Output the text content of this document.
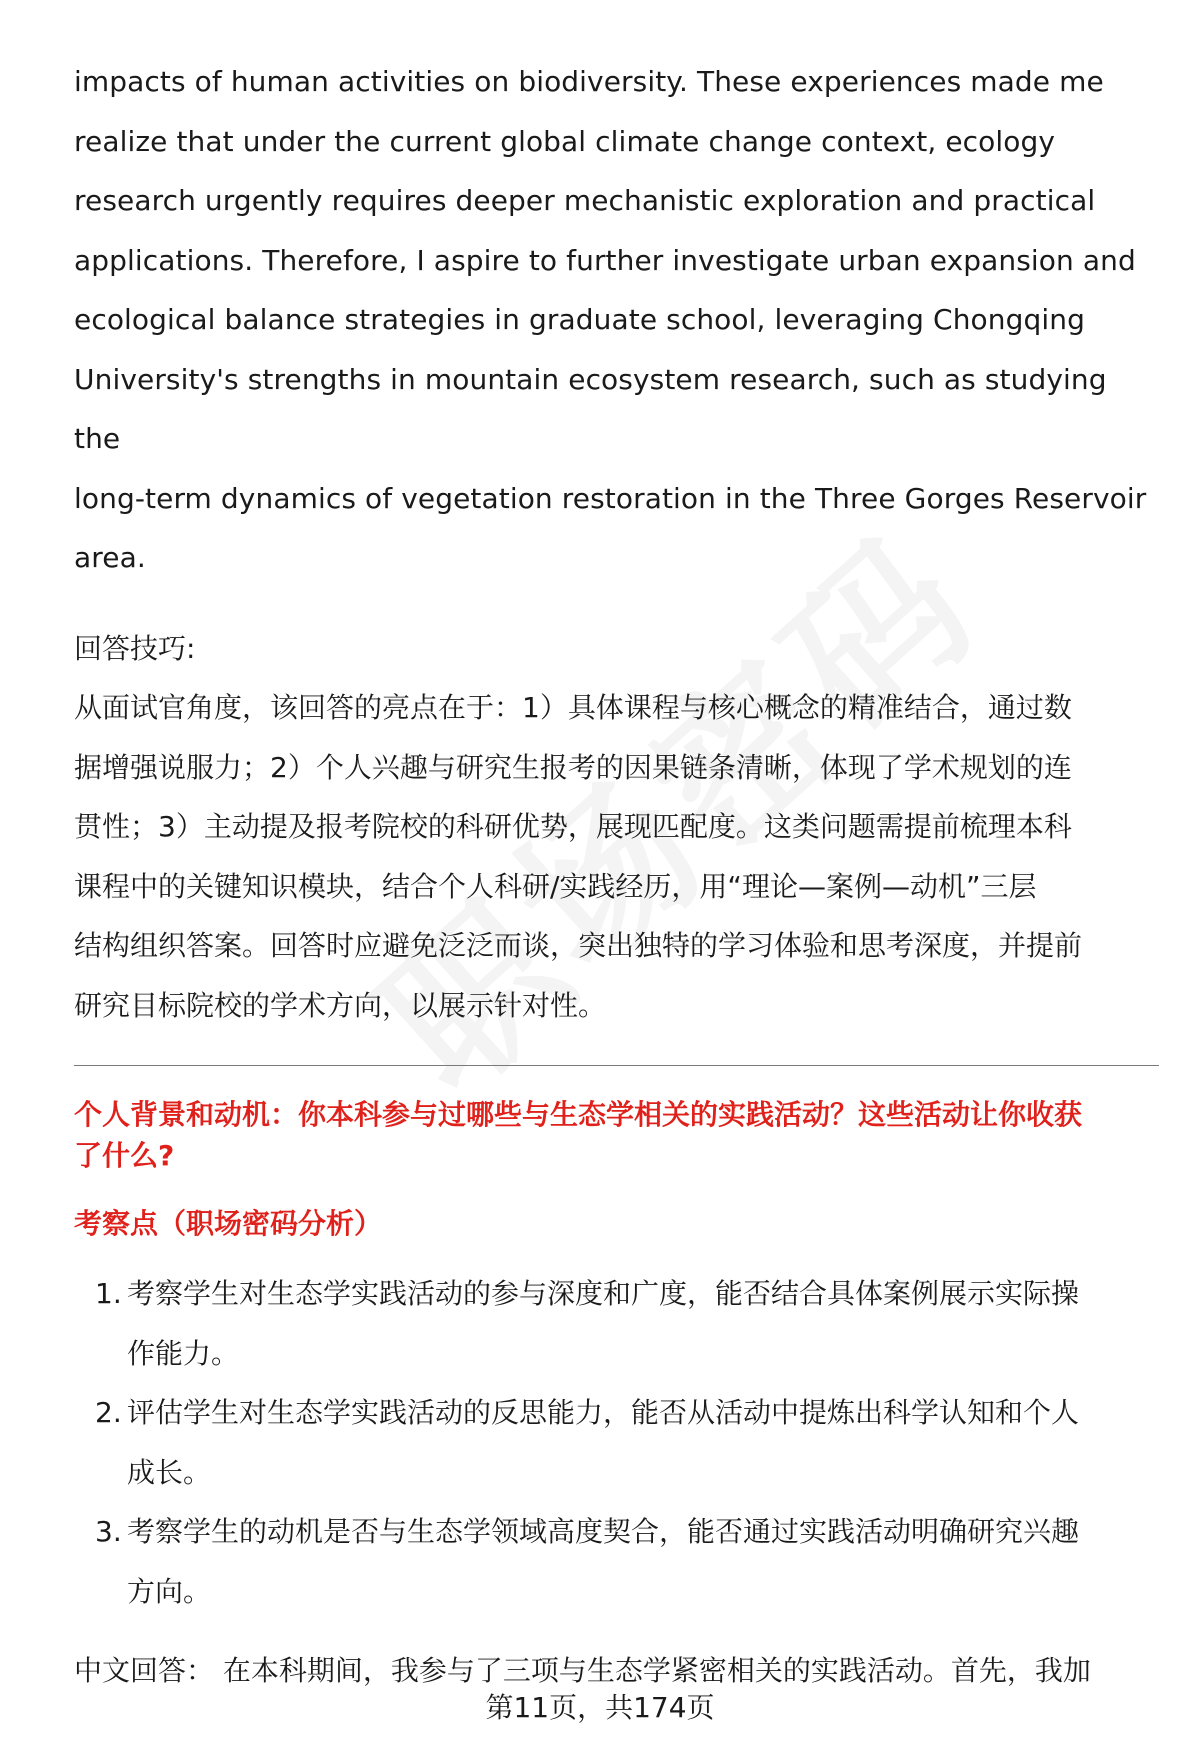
impacts of human activities on biodiversity. These experiences made me

realize that under the current global climate change context, ecology

research urgently requires deeper mechanistic exploration and practical

applications. Therefore, I aspire to further investigate urban expansion and

ecological balance strategies in graduate school, leveraging Chongqing

University's strengths in mountain ecosystem research, such as studying the

long-term dynamics of vegetation restoration in the Three Gorges Reservoir

area.

回答技巧:

从面试官角度，该回答的亮点在于：1）具体课程与核心概念的精准结合，通过数

据增强说服力；2）个人兴趣与研究生报考的因果链条清晰，体现了学术规划的连

贯性；3）主动提及报考院校的科研优势，展现匹配度。这类问题需提前梳理本科

课程中的关键知识模块，结合个人科研/实践经历，用“理论—案例—动机”三层

结构组织答案。回答时应避免泛泛而谈，突出独特的学习体验和思考深度，并提前

研究目标院校的学术方向，以展示针对性。

个人背景和动机：你本科参与过哪些与生态学相关的实践活动？这些活动让你收获
了什么?
考察点（职场密码分析）
1. 考察学生对生态学实践活动的参与深度和广度，能否结合具体案例展示实际操
作能力。
2. 评估学生对生态学实践活动的反思能力，能否从活动中提炼出科学认知和个人
成长。
3. 考察学生的动机是否与生态学领域高度契合，能否通过实践活动明确研究兴趣
方向。

中文回答： 在本科期间，我参与了三项与生态学紧密相关的实践活动。首先，我加

第11页，共174页
